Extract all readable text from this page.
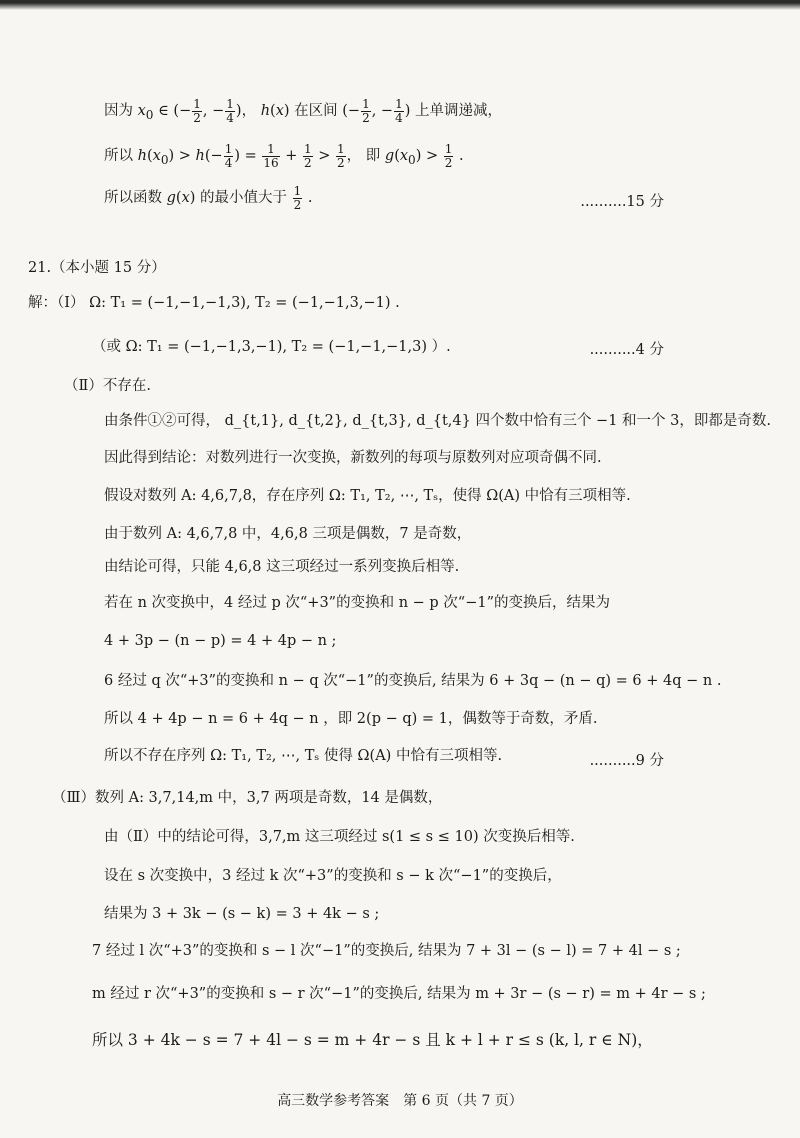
因为 $x_0$ ∈ (− $\frac{1}{2}$ , − $\frac{1}{4}$ )， h(x) 在区间 (− $\frac{1}{2}$ , − $\frac{1}{4}$ ) 上单调递减，
所以 $h(x_0) > h(- \frac{1}{4}$ ) = $\frac{1}{16} + \frac{1}{2} > \frac{1}{2}$ ， 即 $g(x_0) > \frac{1}{2}$ .
所以函数 g(x) 的最小值大于 $\frac{1}{2}$ .	..........15 分
21.（本小题 15 分）
解：（Ⅰ） Ω: T₁ = (−1,−1,−1,3), T₂ = (−1,−1,3,−1) .
（或 Ω: T₁ = (−1,−1,3,−1), T₂ = (−1,−1,−1,3) ）.	..........4 分
（Ⅱ）不存在.
由条件①②可得， d_{t,1}, d_{t,2}, d_{t,3}, d_{t,4} 四个数中恰有三个 −1 和一个 3，即都是奇数.
因此得到结论：对数列进行一次变换，新数列的每项与原数列对应项奇偶不同.
假设对数列 A: 4,6,7,8，存在序列 Ω: T₁, T₂, ⋯, Tₛ，使得 Ω(A) 中恰有三项相等.
由于数列 A: 4,6,7,8 中，4,6,8 三项是偶数，7 是奇数，
由结论可得，只能 4,6,8 这三项经过一系列变换后相等.
若在 n 次变换中，4 经过 p 次“+3”的变换和 n − p 次“−1”的变换后，结果为
4 + 3p − (n − p) = 4 + 4p − n ;
6 经过 q 次“+3”的变换和 n − q 次“−1”的变换后, 结果为 6 + 3q − (n − q) = 6 + 4q − n .
所以 4 + 4p − n = 6 + 4q − n ，即 2(p − q) = 1，偶数等于奇数，矛盾.
所以不存在序列 Ω: T₁, T₂, ⋯, Tₛ 使得 Ω(A) 中恰有三项相等.	..........9 分
（Ⅲ）数列 A: 3,7,14,m 中，3,7 两项是奇数，14 是偶数，
由（Ⅱ）中的结论可得，3,7,m 这三项经过 s(1 ≤ s ≤ 10) 次变换后相等.
设在 s 次变换中，3 经过 k 次“+3”的变换和 s − k 次“−1”的变换后，
结果为 3 + 3k − (s − k) = 3 + 4k − s ;
7 经过 l 次“+3”的变换和 s − l 次“−1”的变换后, 结果为 7 + 3l − (s − l) = 7 + 4l − s ;
m 经过 r 次“+3”的变换和 s − r 次“−1”的变换后, 结果为 m + 3r − (s − r) = m + 4r − s ;
所以 3 + 4k − s = 7 + 4l − s = m + 4r − s 且 k + l + r ≤ s (k, l, r ∈ N)，
高三数学参考答案　第 6 页（共 7 页）
